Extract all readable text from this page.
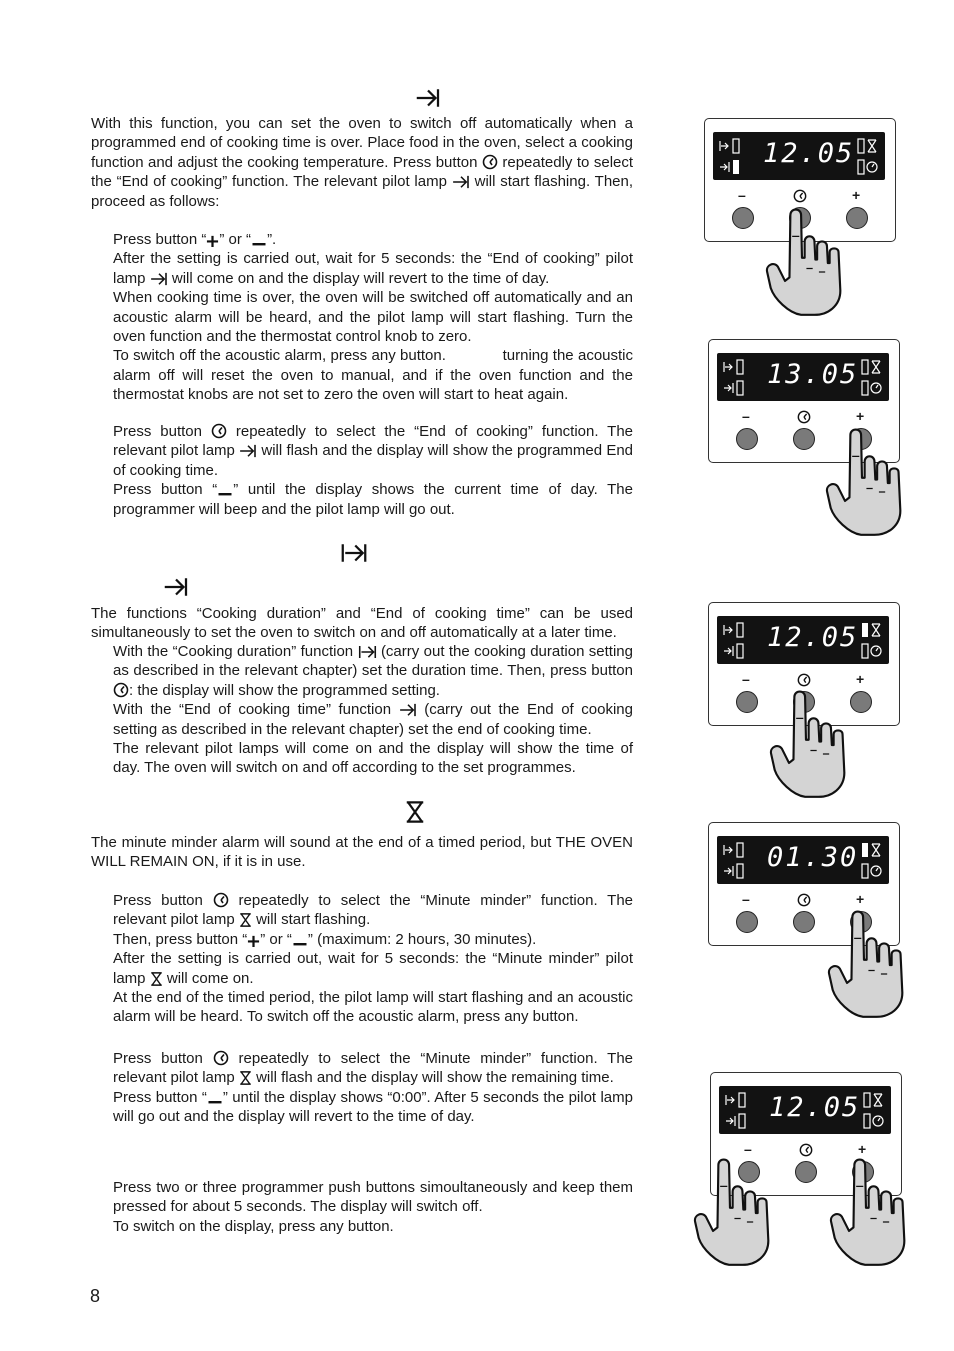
With this function, you can set the oven to switch off automatically when a programmed end of cooking time is over. Place food in the oven, select a cooking function and adjust the cooking temperature. Press button repeatedly to select the “End of cooking” function. The relevant pilot lamp will start flashing. Then, proceed as follows:

Press button “ ” or “ ”.
After the setting is carried out, wait for 5 seconds: the “End of cooking” pilot lamp will come on and the display will revert to the time of day.
When cooking time is over, the oven will be switched off automatically and an acoustic alarm will be heard, and the pilot lamp will start flashing. Turn the oven function and the thermostat control knob to zero.
To switch off the acoustic alarm, press any button.	turning the acoustic alarm off will reset the oven to manual, and if the oven function and the thermostat knobs are not set to zero the oven will start to heat again.

Press button repeatedly to select the “End of cooking” function. The relevant pilot lamp will flash and the display will show the programmed End of cooking time.
Press button “ ” until the display shows the current time of day. The programmer will beep and the pilot lamp will go out.

The functions “Cooking duration” and “End of cooking time” can be used simultaneously to set the oven to switch on and off automatically at a later time.

With the “Cooking duration” function (carry out the cooking duration setting as described in the relevant chapter) set the duration time. Then, press button : the display will show the programmed setting.
With the “End of cooking time” function (carry out the End of cooking setting as described in the relevant chapter) set the end of cooking time.
The relevant pilot lamps will come on and the display will show the time of day. The oven will switch on and off according to the set programmes.

The minute minder alarm will sound at the end of a timed period, but THE OVEN WILL REMAIN ON, if it is in use.

Press button repeatedly to select the “Minute minder” function. The relevant pilot lamp will start flashing.
Then, press button “ ” or “ ” (maximum: 2 hours, 30 minutes).
After the setting is carried out, wait for 5 seconds: the “Minute minder” pilot lamp will come on.
At the end of the timed period, the pilot lamp will start flashing and an acoustic alarm will be heard. To switch off the acoustic alarm, press any button.

Press button repeatedly to select the “Minute minder” function. The relevant pilot lamp will flash and the display will show the remaining time.
Press button “ ” until the display shows “0:00”. After 5 seconds the pilot lamp will go out and the display will revert to the time of day.

Press two or three programmer push buttons simoultaneously and keep them pressed for about 5 seconds. The display will switch off.
To switch on the display, press any button.

8
12.05
–	+
13.05
–	+
12.05
–	+
01.30
–	+
12.05
–	+
